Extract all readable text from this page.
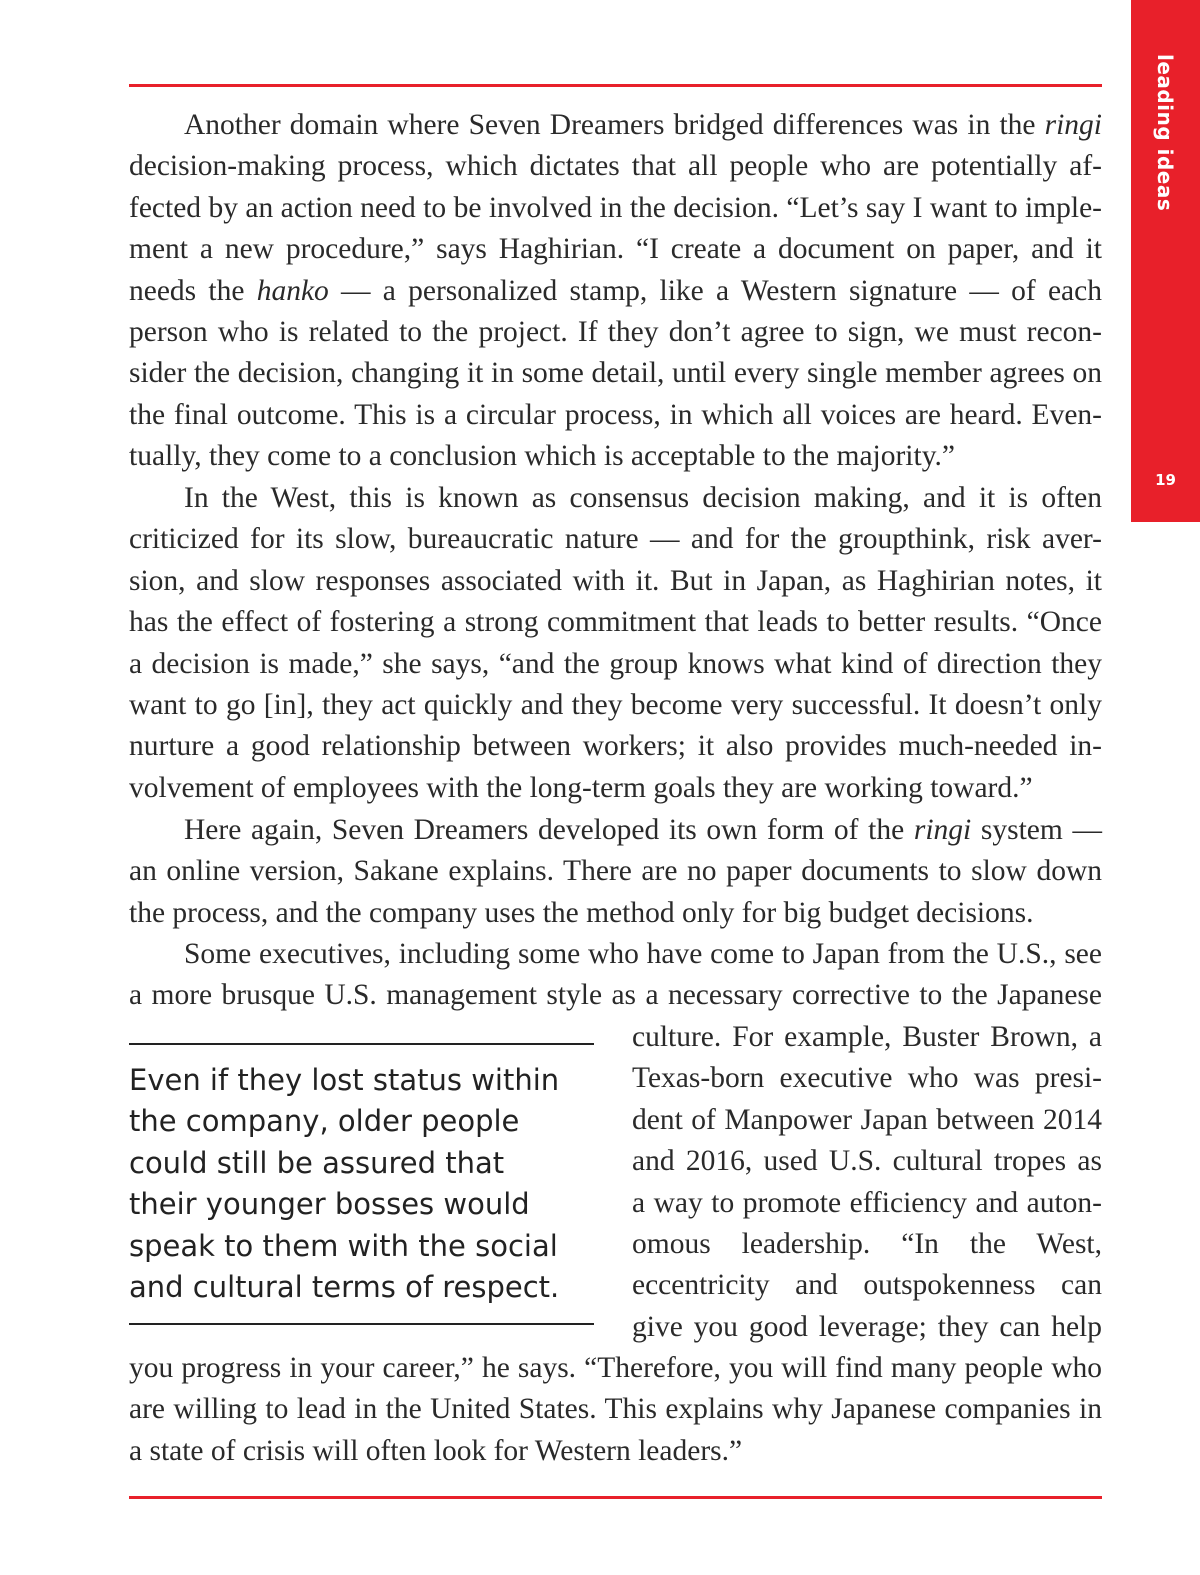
leading ideas
19

Another domain where Seven Dreamers bridged differences was in the ringi decision-making process, which dictates that all people who are potentially af-fected by an action need to be involved in the decision. “Let’s say I want to imple-ment a new procedure,” says Haghirian. “I create a document on paper, and it needs the hanko — a personalized stamp, like a Western signature — of each person who is related to the project. If they don’t agree to sign, we must recon-sider the decision, changing it in some detail, until every single member agrees on the final outcome. This is a circular process, in which all voices are heard. Even-tually, they come to a conclusion which is acceptable to the majority.”

In the West, this is known as consensus decision making, and it is often criticized for its slow, bureaucratic nature — and for the groupthink, risk aver-sion, and slow responses associated with it. But in Japan, as Haghirian notes, it has the effect of fostering a strong commitment that leads to better results. “Once a decision is made,” she says, “and the group knows what kind of direction they want to go [in], they act quickly and they become very successful. It doesn’t only nurture a good relationship between workers; it also provides much-needed in-volvement of employees with the long-term goals they are working toward.”

Here again, Seven Dreamers developed its own form of the ringi system — an online version, Sakane explains. There are no paper documents to slow down the process, and the company uses the method only for big budget decisions.

Some executives, including some who have come to Japan from the U.S., see
a more brusque U.S. management style as a necessary corrective to the Japanese
culture. For example, Buster Brown, a
Texas-born executive who was presi-
dent of Manpower Japan between 2014
and 2016, used U.S. cultural tropes as
a way to promote efficiency and auton-
omous leadership. “In the West,
eccentricity and outspokenness can
give you good leverage; they can help
Even if they lost status within
the company, older people
could still be assured that
their younger bosses would
speak to them with the social
and cultural terms of respect.
you progress in your career,” he says. “Therefore, you will find many people who
are willing to lead in the United States. This explains why Japanese companies in
a state of crisis will often look for Western leaders.”
